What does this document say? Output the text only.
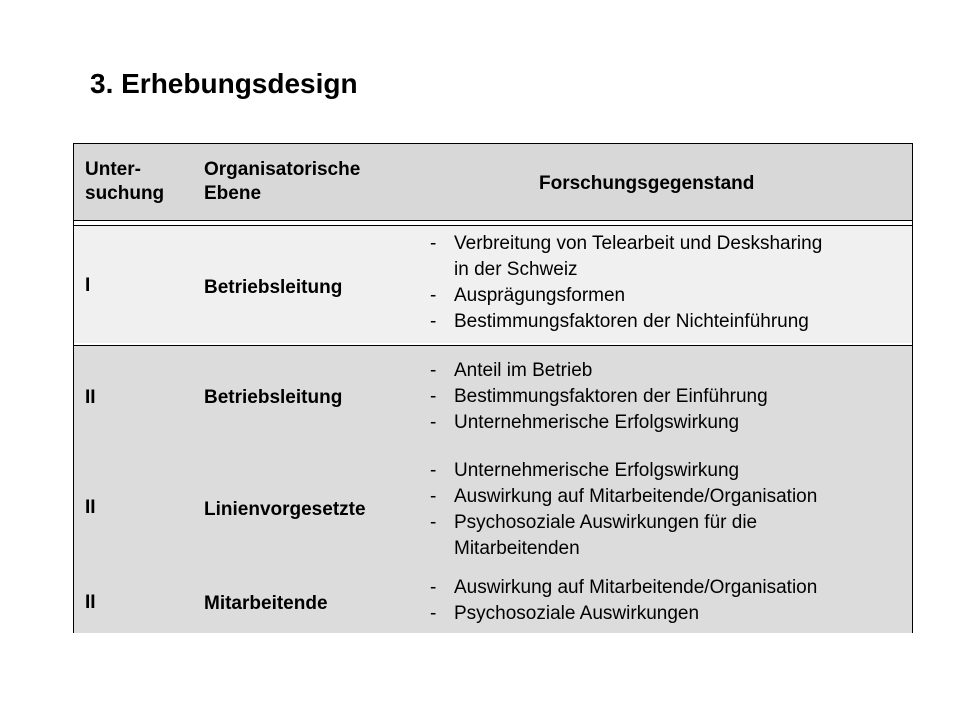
3. Erhebungsdesign
Unter-
suchung
Organisatorische
Ebene	Forschungsgegenstand
I	Betriebsleitung
- Verbreitung von Telearbeit und Desksharing
in der Schweiz
- Ausprägungsformen
- Bestimmungsfaktoren der Nichteinführung
II	Betriebsleitung
- Anteil im Betrieb
- Bestimmungsfaktoren der Einführung
- Unternehmerische Erfolgswirkung
II	Linienvorgesetzte
- Unternehmerische Erfolgswirkung
- Auswirkung auf Mitarbeitende/Organisation
- Psychosoziale Auswirkungen für die
Mitarbeitenden
II	Mitarbeitende
- Auswirkung auf Mitarbeitende/Organisation
- Psychosoziale Auswirkungen
